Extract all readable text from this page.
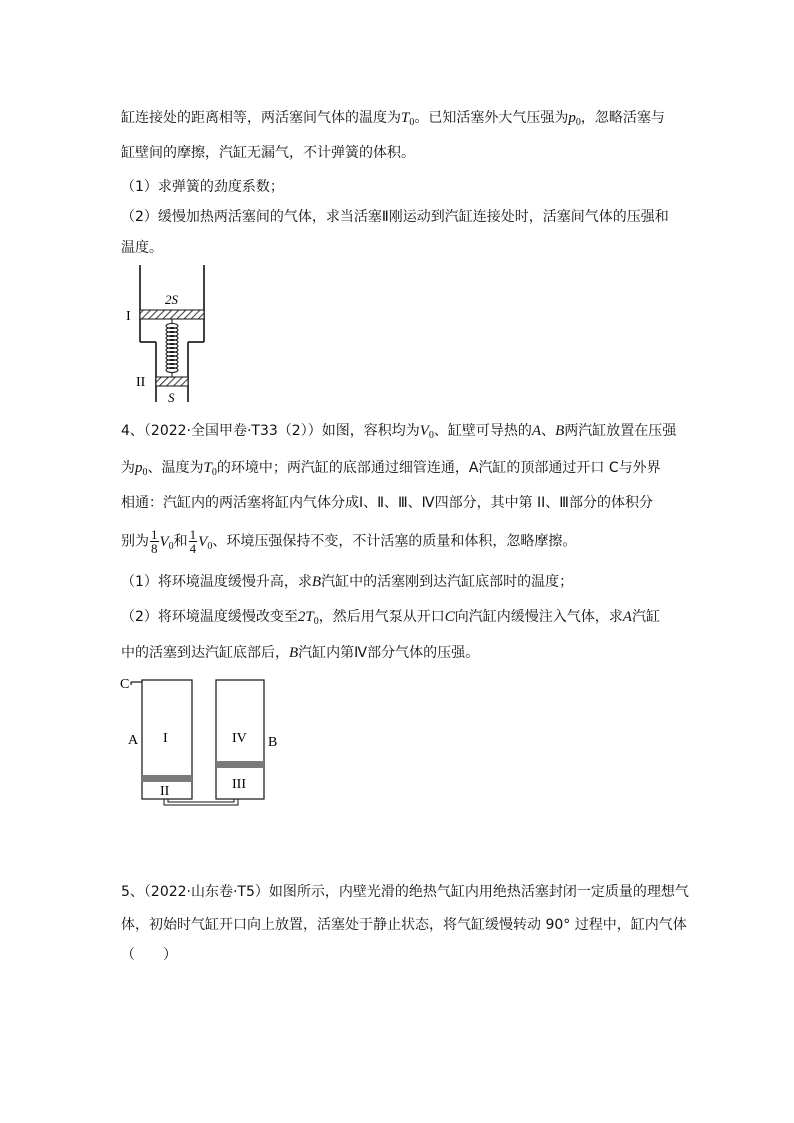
缸连接处的距离相等，两活塞间气体的温度为$T_0$。已知活塞外大气压强为$p_0$，忽略活塞与
缸壁间的摩擦，汽缸无漏气，不计弹簧的体积。
（1）求弹簧的劲度系数；
（2）缓慢加热两活塞间的气体，求当活塞Ⅱ刚运动到汽缸连接处时，活塞间气体的压强和
温度。
2S
I
II
S
4、（2022·全国甲卷·T33（2））如图，容积均为$V_0$、缸壁可导热的A、B两汽缸放置在压强
为$p_0$、温度为$T_0$的环境中；两汽缸的底部通过细管连通，A汽缸的顶部通过开口 C与外界
相通：汽缸内的两活塞将缸内气体分成Ⅰ、Ⅱ、Ⅲ、Ⅳ四部分，其中第 II、Ⅲ部分的体积分
别为 $\frac{1}{8} V_0$和 $\frac{1}{4} V_0$、环境压强保持不变，不计活塞的质量和体积，忽略摩擦。
（1）将环境温度缓慢升高，求B汽缸中的活塞刚到达汽缸底部时的温度；
（2）将环境温度缓慢改变至$2T_0$，然后用气泵从开口C向汽缸内缓慢注入气体，求A汽缸
中的活塞到达汽缸底部后，B汽缸内第Ⅳ部分气体的压强。
C
A I	IV B
III
II
5、（2022·山东卷·T5）如图所示，内壁光滑的绝热气缸内用绝热活塞封闭一定质量的理想气
体，初始时气缸开口向上放置，活塞处于静止状态，将气缸缓慢转动 90° 过程中，缸内气体
（　　）
